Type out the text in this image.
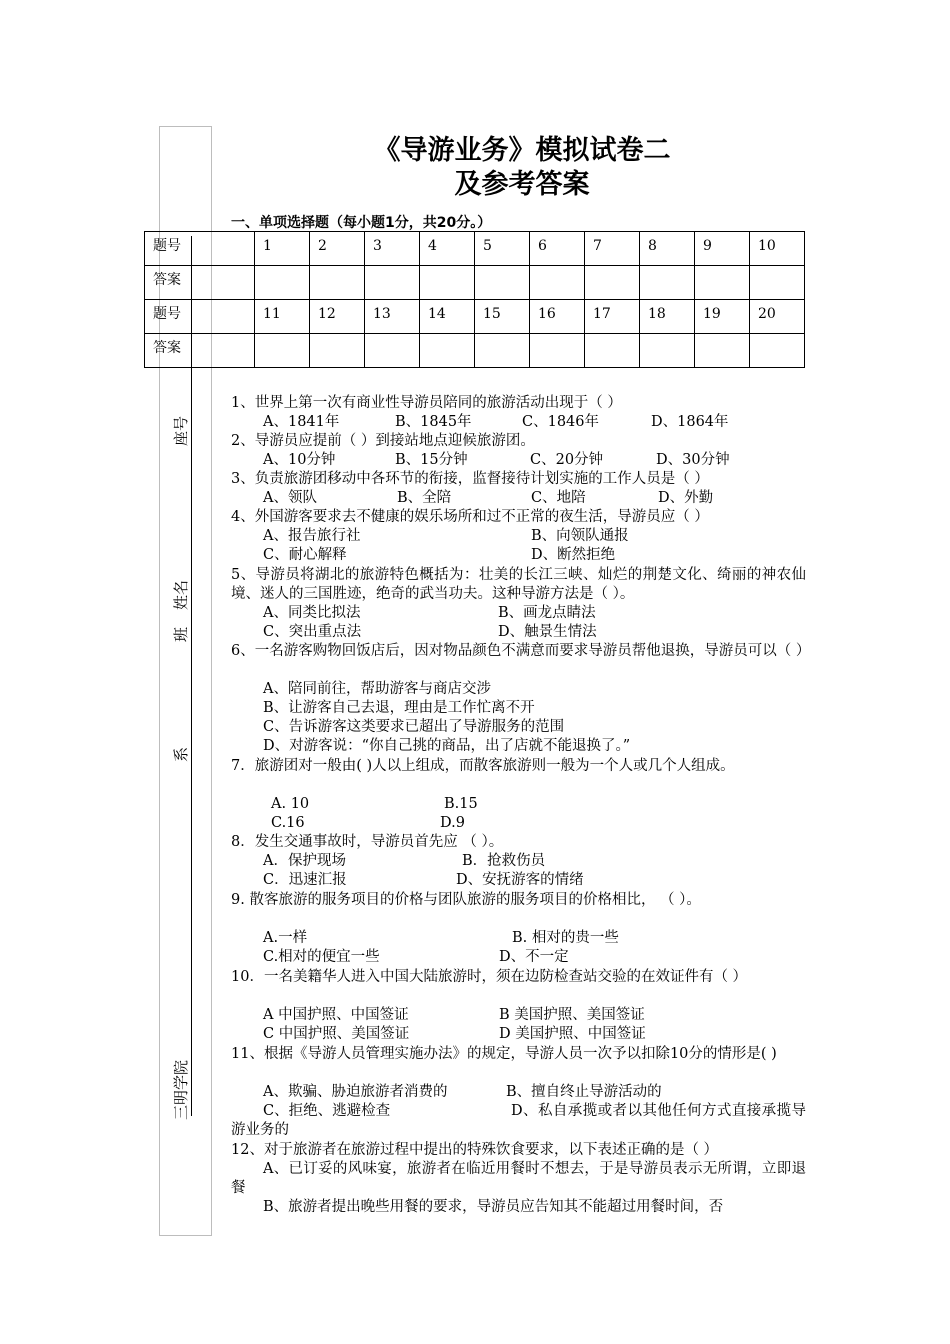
座号
姓名
班
系
三明学院
《导游业务》模拟试卷二
及参考答案
一、单项选择题（每小题1分，共20分。）
题号	1	2	3	4	5	6	7	8	9	10
答案										
题号	11	12	13	14	15	16	17	18	19	20
答案										
1、世界上第一次有商业性导游员陪同的旅游活动出现于（ ）
A、1841年	B、1845年	C、1846年	D、1864年
2、导游员应提前（ ）到接站地点迎候旅游团。
A、10分钟	B、15分钟	C、20分钟	D、30分钟
3、负责旅游团移动中各环节的衔接，监督接待计划实施的工作人员是（ ）
A、领队	B、全陪	C、地陪	D、外勤
4、外国游客要求去不健康的娱乐场所和过不正常的夜生活，导游员应（ ）
A、报告旅行社	B、向领队通报
C、耐心解释	D、断然拒绝
5、导游员将湖北的旅游特色概括为：壮美的长江三峡、灿烂的荆楚文化、绮丽的神农仙境、迷人的三国胜迹，绝奇的武当功夫。这种导游方法是（ ）。
A、同类比拟法	B、画龙点睛法
C、突出重点法	D、触景生情法
6、一名游客购物回饭店后，因对物品颜色不满意而要求导游员帮他退换，导游员可以（ ）
A、陪同前往，帮助游客与商店交涉
B、让游客自己去退，理由是工作忙离不开
C、告诉游客这类要求已超出了导游服务的范围
D、对游客说：“你自己挑的商品，出了店就不能退换了。”
7．旅游团对一般由( )人以上组成，而散客旅游则一般为一个人或几个人组成。
A. 10	B.15
C.16	D.9
8．发生交通事故时，导游员首先应 （ ）。
A．保护现场	B．抢救伤员
C．迅速汇报	D、安抚游客的情绪
9. 散客旅游的服务项目的价格与团队旅游的服务项目的价格相比， （ ）。
A.一样	B. 相对的贵一些
C.相对的便宜一些	D、不一定
10．一名美籍华人进入中国大陆旅游时，须在边防检查站交验的在效证件有（ ）
A 中国护照、中国签证	B 美国护照、美国签证
C 中国护照、美国签证	D 美国护照、中国签证
11、根据《导游人员管理实施办法》的规定，导游人员一次予以扣除10分的情形是( )
A、欺骗、胁迫旅游者消费的	B、擅自终止导游活动的
C、拒绝、逃避检查	D、私自承揽或者以其他任何方式直接承揽导游业务的
12、对于旅游者在旅游过程中提出的特殊饮食要求，以下表述正确的是（ ）
A、已订妥的风味宴，旅游者在临近用餐时不想去，于是导游员表示无所谓，立即退餐
B、旅游者提出晚些用餐的要求，导游员应告知其不能超过用餐时间，否
